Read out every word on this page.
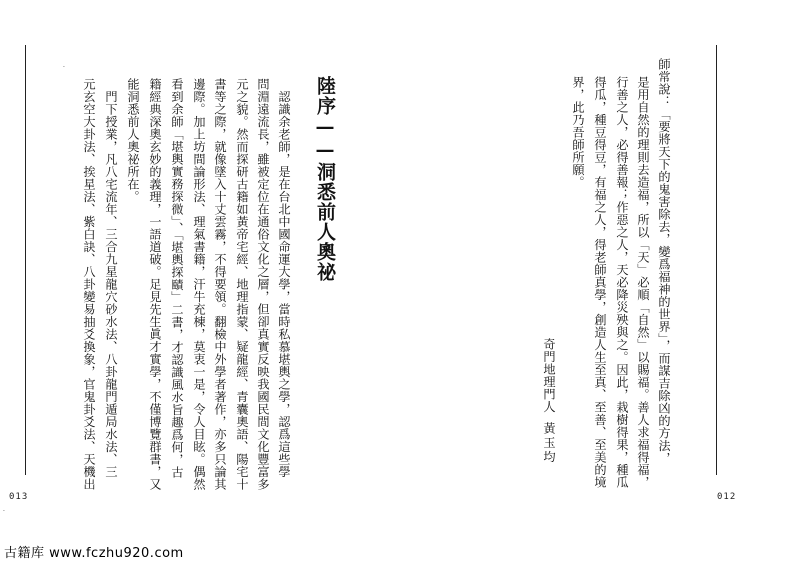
師常說：「要將天下的鬼害除去，變爲福神的世界」，而謀吉除凶的方法，
是用自然的理則去造福，所以「天」必順「自然」以賜福。善人求福得福，
行善之人，必得善報；作惡之人，天必降災殃與之。因此，栽樹得果，種瓜
得瓜，種豆得豆，有福之人，得老師真學，創造人生至真、至善、至美的境
界，此乃吾師所願。
奇門地理門人
黃玉均
012
陸序——洞悉前人奧祕
　認識余老師，是在台北中國命運大學，當時私慕堪輿之學，認爲這些學
問淵遠流長，雖被定位在通俗文化之層，但卻真實反映我國民間文化豐富多
元之貌。然而探研古籍如黃帝宅經、地理指蒙、疑龍經、青囊奧語、陽宅十
書等之際，就像墜入十丈雲霧，不得要領。翻檢中外學者著作，亦多只論其
邊際。加上坊間論形法、理氣書籍，汗牛充棟，莫衷一是，令人目眩。偶然
看到余師「堪輿實務探微」、「堪輿探賾」二書，才認識風水旨趣爲何，古
籍經典深奧玄妙的義理，一語道破。足見先生眞才實學，不僅博覽群書，又
能洞悉前人奧祕所在。
　門下授業，凡八宅流年、三合九星龍穴砂水法、八卦龍門遁局水法、三
元玄空大卦法、挨星法、紫白訣、八卦變易抽爻換象，官鬼卦爻法、天機出
013
·
·
古籍库 www.fczhu920.com
